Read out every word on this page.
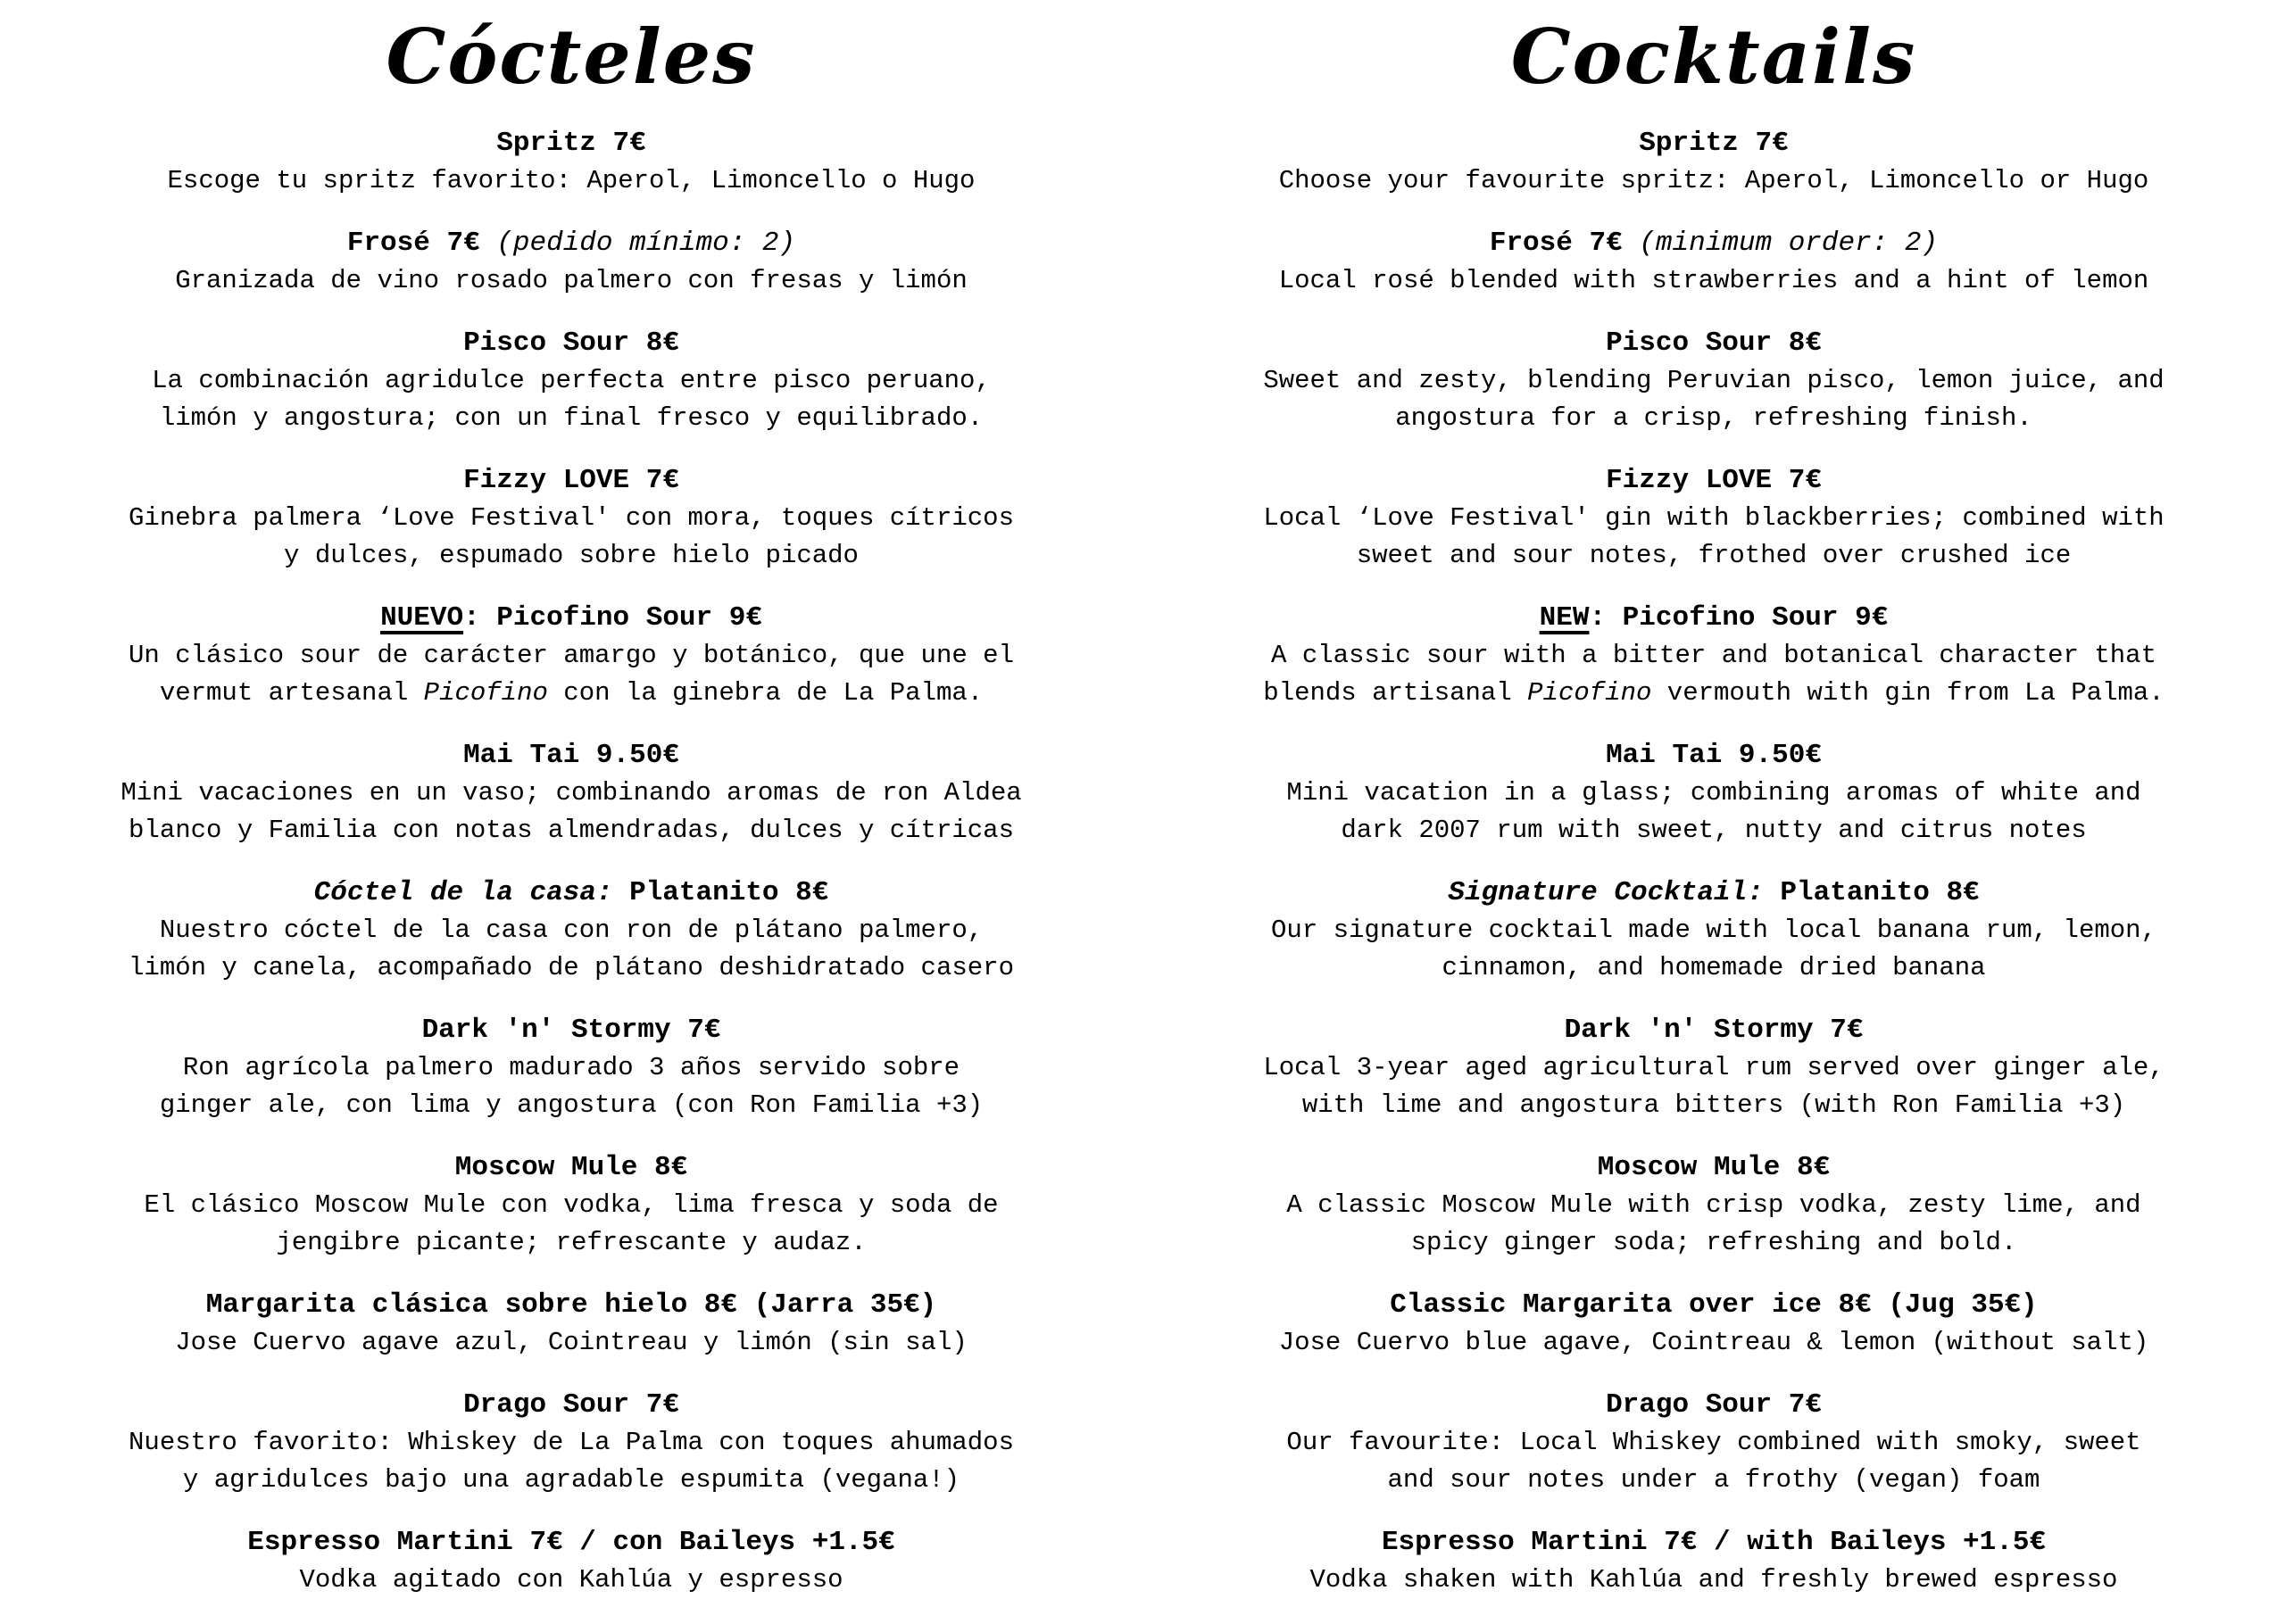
Cócteles
Spritz 7€
Escoge tu spritz favorito: Aperol, Limoncello o Hugo
Frosé 7€ (pedido mínimo: 2)
Granizada de vino rosado palmero con fresas y limón
Pisco Sour 8€
La combinación agridulce perfecta entre pisco peruano,
limón y angostura; con un final fresco y equilibrado.
Fizzy LOVE 7€
Ginebra palmera ‘Love Festival' con mora, toques cítricos
y dulces, espumado sobre hielo picado
NUEVO: Picofino Sour 9€
Un clásico sour de carácter amargo y botánico, que une el
vermut artesanal Picofino con la ginebra de La Palma.
Mai Tai 9.50€
Mini vacaciones en un vaso; combinando aromas de ron Aldea
blanco y Familia con notas almendradas, dulces y cítricas
Cóctel de la casa: Platanito 8€
Nuestro cóctel de la casa con ron de plátano palmero,
limón y canela, acompañado de plátano deshidratado casero
Dark 'n' Stormy 7€
Ron agrícola palmero madurado 3 años servido sobre
ginger ale, con lima y angostura (con Ron Familia +3)
Moscow Mule 8€
El clásico Moscow Mule con vodka, lima fresca y soda de
jengibre picante; refrescante y audaz.
Margarita clásica sobre hielo 8€ (Jarra 35€)
Jose Cuervo agave azul, Cointreau y limón (sin sal)
Drago Sour 7€
Nuestro favorito: Whiskey de La Palma con toques ahumados
y agridulces bajo una agradable espumita (vegana!)
Espresso Martini 7€ / con Baileys +1.5€
Vodka agitado con Kahlúa y espresso
Cocktails
Spritz 7€
Choose your favourite spritz: Aperol, Limoncello or Hugo
Frosé 7€ (minimum order: 2)
Local rosé blended with strawberries and a hint of lemon
Pisco Sour 8€
Sweet and zesty, blending Peruvian pisco, lemon juice, and
angostura for a crisp, refreshing finish.
Fizzy LOVE 7€
Local ‘Love Festival' gin with blackberries; combined with
sweet and sour notes, frothed over crushed ice
NEW: Picofino Sour 9€
A classic sour with a bitter and botanical character that
blends artisanal Picofino vermouth with gin from La Palma.
Mai Tai 9.50€
Mini vacation in a glass; combining aromas of white and
dark 2007 rum with sweet, nutty and citrus notes
Signature Cocktail: Platanito 8€
Our signature cocktail made with local banana rum, lemon,
cinnamon, and homemade dried banana
Dark 'n' Stormy 7€
Local 3-year aged agricultural rum served over ginger ale,
with lime and angostura bitters (with Ron Familia +3)
Moscow Mule 8€
A classic Moscow Mule with crisp vodka, zesty lime, and
spicy ginger soda; refreshing and bold.
Classic Margarita over ice 8€ (Jug 35€)
Jose Cuervo blue agave, Cointreau & lemon (without salt)
Drago Sour 7€
Our favourite: Local Whiskey combined with smoky, sweet
and sour notes under a frothy (vegan) foam
Espresso Martini 7€ / with Baileys +1.5€
Vodka shaken with Kahlúa and freshly brewed espresso
